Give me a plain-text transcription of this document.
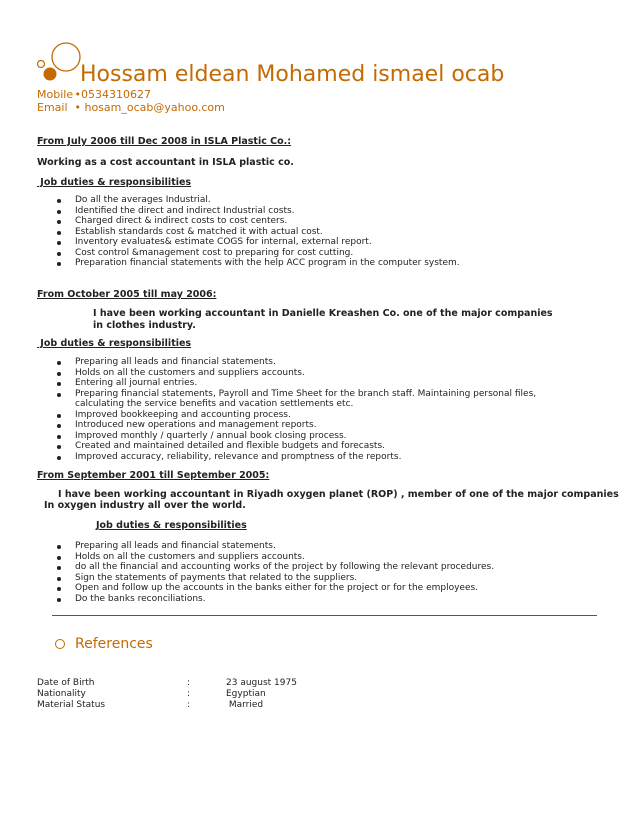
Hossam eldean Mohamed ismael ocab
Mobile •0534310627
Email • hosam_ocab@yahoo.com
From July 2006 till Dec 2008 in ISLA Plastic Co.:
Working as a cost accountant in ISLA plastic co.
Job duties & responsibilities
Do all the averages Industrial.
Identified the direct and indirect Industrial costs.
Charged direct & indirect costs to cost centers.
Establish standards cost & matched it with actual cost.
Inventory evaluates& estimate COGS for internal, external report.
Cost control &management cost to preparing for cost cutting.
Preparation financial statements with the help ACC program in the computer system.
From October 2005 till may 2006:
I have been working accountant in Danielle Kreashen Co. one of the major companies in clothes industry.
Job duties & responsibilities
Preparing all leads and financial statements.
Holds on all the customers and suppliers accounts.
Entering all journal entries.
Preparing financial statements, Payroll and Time Sheet for the branch staff. Maintaining personal files, calculating the service benefits and vacation settlements etc.
Improved bookkeeping and accounting process.
Introduced new operations and management reports.
Improved monthly / quarterly / annual book closing process.
Created and maintained detailed and flexible budgets and forecasts.
Improved accuracy, reliability, relevance and promptness of the reports.
From September 2001 till September 2005:
I have been working accountant in Riyadh oxygen planet (ROP) , member of one of the major companies
In oxygen industry all over the world.
Job duties & responsibilities
Preparing all leads and financial statements.
Holds on all the customers and suppliers accounts.
do all the financial and accounting works of the project by following the relevant procedures.
Sign the statements of payments that related to the suppliers.
Open and follow up the accounts in the banks either for the project or for the employees.
Do the banks reconciliations.
References
Date of Birth	:	23 august 1975
Nationality	:	Egyptian
Material Status	:	Married
